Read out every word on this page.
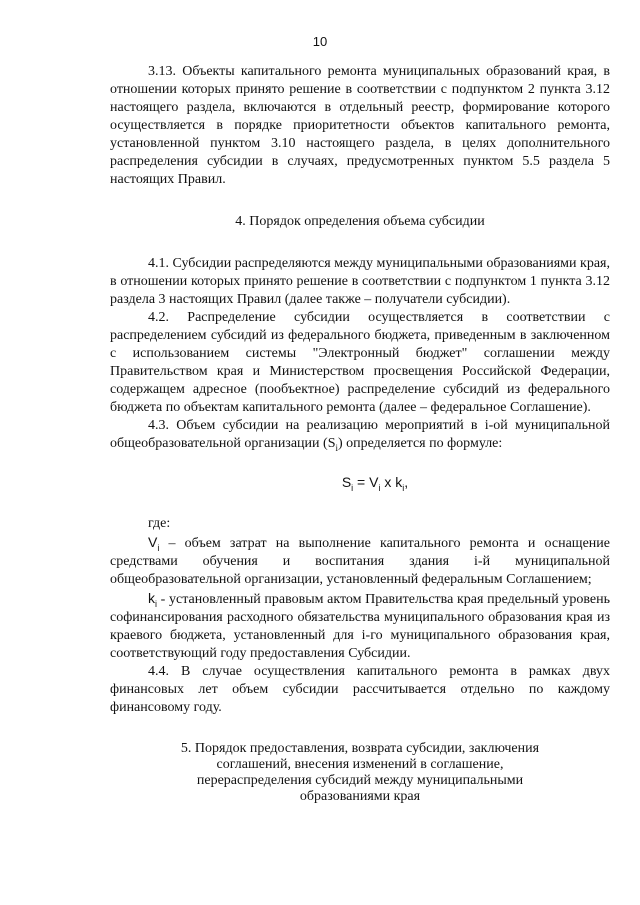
10

3.13. Объекты капитального ремонта муниципальных образований края, в отношении которых принято решение в соответствии с подпунктом 2 пункта 3.12 настоящего раздела, включаются в отдельный реестр, формирование которого осуществляется в порядке приоритетности объектов капитального ремонта, установленной пунктом 3.10 настоящего раздела, в целях дополнительного распределения субсидии в случаях, предусмотренных пунктом 5.5 раздела 5 настоящих Правил.

4. Порядок определения объема субсидии

4.1. Субсидии распределяются между муниципальными образованиями края, в отношении которых принято решение в соответствии с подпунктом 1 пункта 3.12 раздела 3 настоящих Правил (далее также – получатели субсидии).

4.2. Распределение субсидии осуществляется в соответствии с распределением субсидий из федерального бюджета, приведенным в заключенном с использованием системы "Электронный бюджет" соглашении между Правительством края и Министерством просвещения Российской Федерации, содержащем адресное (пообъектное) распределение субсидий из федерального бюджета по объектам капитального ремонта (далее – федеральное Соглашение).

4.3. Объем субсидии на реализацию мероприятий в i-ой муниципальной общеобразовательной организации $(S_i)$ определяется по формуле:

$S_i = V_i$ x $k_i$,

где:

$V_i$ – объем затрат на выполнение капитального ремонта и оснащение средствами обучения и воспитания здания i-й муниципальной общеобразовательной организации, установленный федеральным Соглашением;

$k_i$ - установленный правовым актом Правительства края предельный уровень софинансирования расходного обязательства муниципального образования края из краевого бюджета, установленный для i-го муниципального образования края, соответствующий году предоставления Субсидии.

4.4. В случае осуществления капитального ремонта в рамках двух финансовых лет объем субсидии рассчитывается отдельно по каждому финансовому году.

5. Порядок предоставления, возврата субсидии, заключения
соглашений, внесения изменений в соглашение,
перераспределения субсидий между муниципальными
образованиями края
